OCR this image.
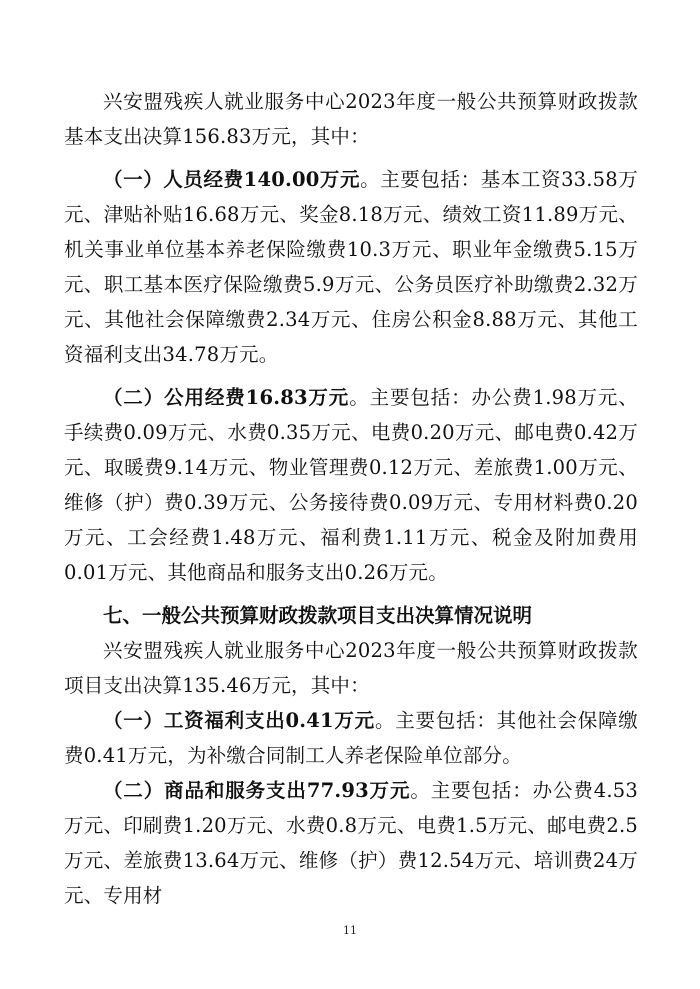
兴安盟残疾人就业服务中心2023年度一般公共预算财政拨款基本支出决算156.83万元，其中：

（一）人员经费140.00万元。主要包括：基本工资33.58万元、津贴补贴16.68万元、奖金8.18万元、绩效工资11.89万元、机关事业单位基本养老保险缴费10.3万元、职业年金缴费5.15万元、职工基本医疗保险缴费5.9万元、公务员医疗补助缴费2.32万元、其他社会保障缴费2.34万元、住房公积金8.88万元、其他工资福利支出34.78万元。

（二）公用经费16.83万元。主要包括：办公费1.98万元、手续费0.09万元、水费0.35万元、电费0.20万元、邮电费0.42万元、取暖费9.14万元、物业管理费0.12万元、差旅费1.00万元、维修（护）费0.39万元、公务接待费0.09万元、专用材料费0.20万元、工会经费1.48万元、福利费1.11万元、税金及附加费用0.01万元、其他商品和服务支出0.26万元。

七、一般公共预算财政拨款项目支出决算情况说明

兴安盟残疾人就业服务中心2023年度一般公共预算财政拨款项目支出决算135.46万元，其中：

（一）工资福利支出0.41万元。主要包括：其他社会保障缴费0.41万元，为补缴合同制工人养老保险单位部分。

（二）商品和服务支出77.93万元。主要包括：办公费4.53万元、印刷费1.20万元、水费0.8万元、电费1.5万元、邮电费2.5万元、差旅费13.64万元、维修（护）费12.54万元、培训费24万元、专用材

11
